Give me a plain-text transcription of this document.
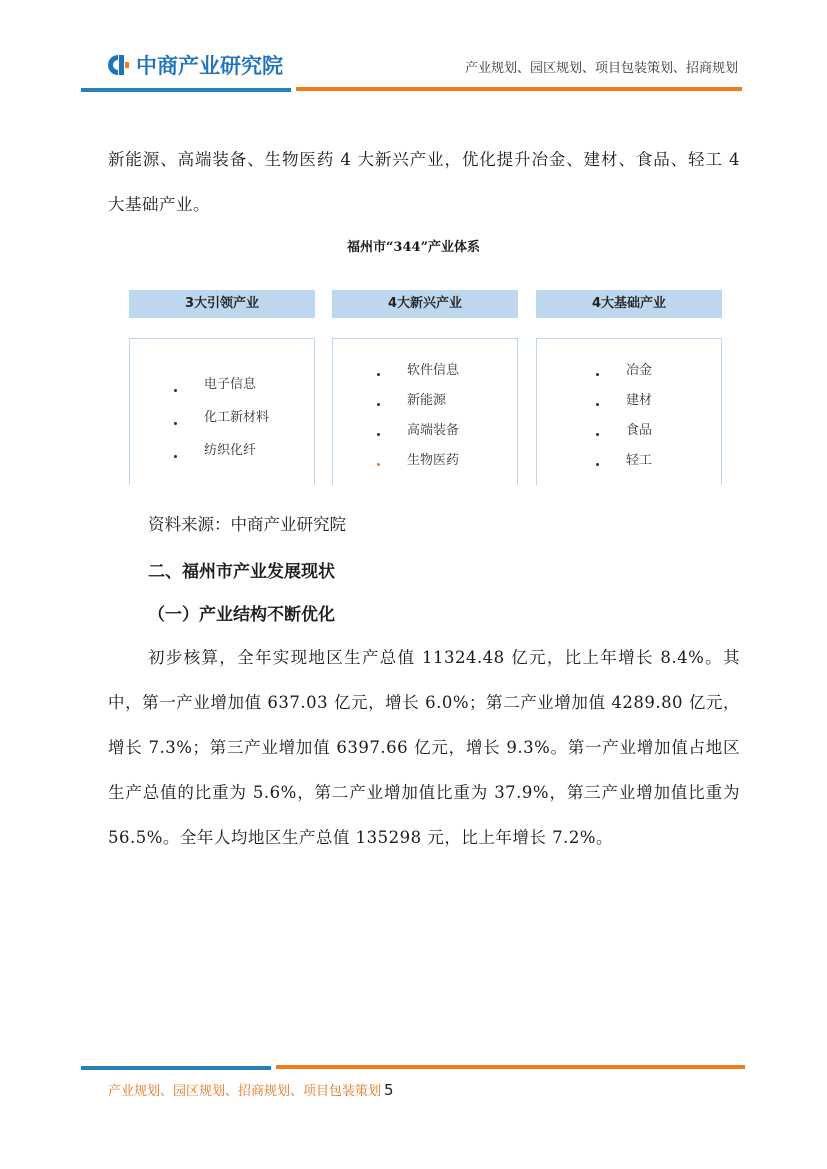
中商产业研究院	产业规划、园区规划、项目包装策划、招商规划
新能源、高端装备、生物医药 4 大新兴产业，优化提升冶金、建材、食品、轻工 4 大基础产业。
福州市“344”产业体系
3大引领产业	4大新兴产业	4大基础产业
电子信息
化工新材料
纺织化纤
软件信息
新能源
高端装备
生物医药
冶金
建材
食品
轻工
资料来源：中商产业研究院
二、福州市产业发展现状
（一）产业结构不断优化
初步核算，全年实现地区生产总值 11324.48 亿元，比上年增长 8.4%。其中，第一产业增加值 637.03 亿元，增长 6.0%；第二产业增加值 4289.80 亿元，增长 7.3%；第三产业增加值 6397.66 亿元，增长 9.3%。第一产业增加值占地区生产总值的比重为 5.6%，第二产业增加值比重为 37.9%，第三产业增加值比重为 56.5%。全年人均地区生产总值 135298 元，比上年增长 7.2%。
产业规划、园区规划、招商规划、项目包装策划 5
